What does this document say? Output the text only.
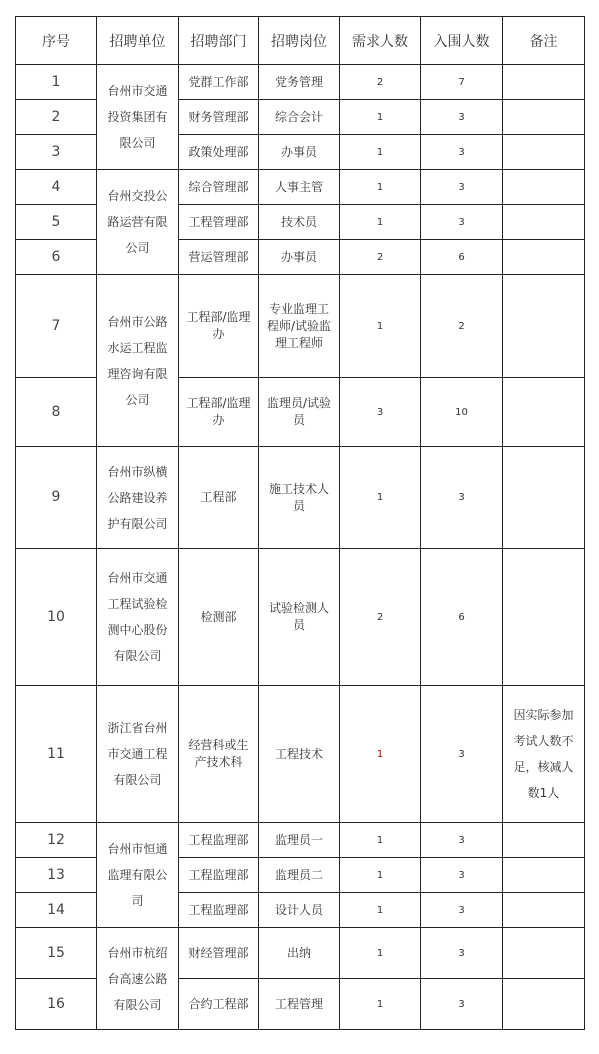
序号	招聘单位	招聘部门	招聘岗位	需求人数	入围人数	备注
1	台州市交通投资集团有限公司	党群工作部	党务管理	2	7	
2		财务管理部	综合会计	1	3	
3		政策处理部	办事员	1	3	
4	台州交投公路运营有限公司	综合管理部	人事主管	1	3	
5		工程管理部	技术员	1	3	
6		营运管理部	办事员	2	6	
7	台州市公路水运工程监理咨询有限公司	工程部/监理办	专业监理工程师/试验监理工程师	1	2	
8		工程部/监理办	监理员/试验员	3	10	
9	台州市纵横公路建设养护有限公司	工程部	施工技术人员	1	3	
10	台州市交通工程试验检测中心股份有限公司	检测部	试验检测人员	2	6	
11	浙江省台州市交通工程有限公司	经营科或生产技术科	工程技术	1	3	因实际参加考试人数不足，核减人数1人
12	台州市恒通监理有限公司	工程监理部	监理员一	1	3	
13		工程监理部	监理员二	1	3	
14		工程监理部	设计人员	1	3	
15	台州市杭绍台高速公路有限公司	财经管理部	出纳	1	3	
16		合约工程部	工程管理	1	3	
